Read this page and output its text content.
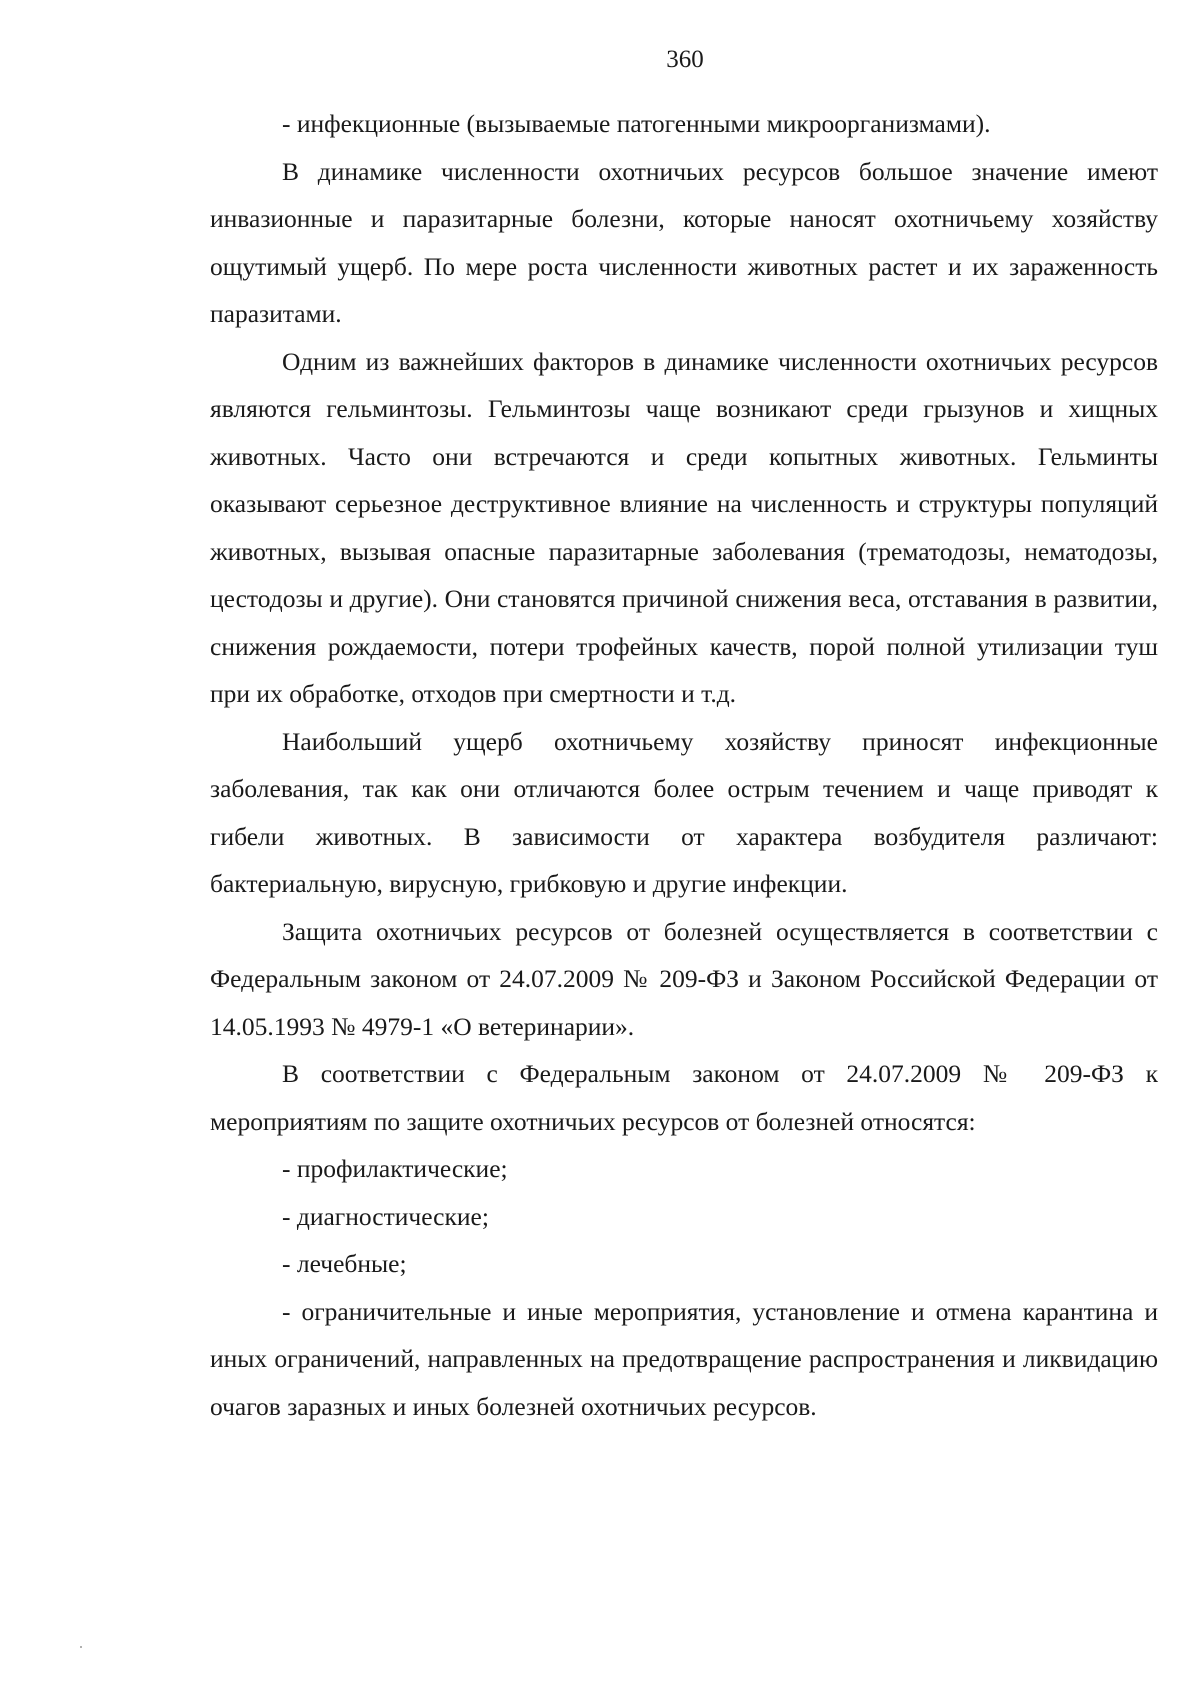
360

- инфекционные (вызываемые патогенными микроорганизмами).

В динамике численности охотничьих ресурсов большое значение имеют инвазионные и паразитарные болезни, которые наносят охотничьему хозяйству ощутимый ущерб. По мере роста численности животных растет и их зараженность паразитами.

Одним из важнейших факторов в динамике численности охотничьих ресурсов являются гельминтозы. Гельминтозы чаще возникают среди грызунов и хищных животных. Часто они встречаются и среди копытных животных. Гельминты оказывают серьезное деструктивное влияние на численность и структуры популяций животных, вызывая опасные паразитарные заболевания (трематодозы, нематодозы, цестодозы и другие). Они становятся причиной снижения веса, отставания в развитии, снижения рождаемости, потери трофейных качеств, порой полной утилизации туш при их обработке, отходов при смертности и т.д.

Наибольший ущерб охотничьему хозяйству приносят инфекционные заболевания, так как они отличаются более острым течением и чаще приводят к гибели животных. В зависимости от характера возбудителя различают: бактериальную, вирусную, грибковую и другие инфекции.

Защита охотничьих ресурсов от болезней осуществляется в соответствии с Федеральным законом от 24.07.2009 № 209-ФЗ и Законом Российской Федерации от 14.05.1993 № 4979-1 «О ветеринарии».

В соответствии с Федеральным законом от 24.07.2009 № 209-ФЗ к мероприятиям по защите охотничьих ресурсов от болезней относятся:

- профилактические;

- диагностические;

- лечебные;

- ограничительные и иные мероприятия, установление и отмена карантина и иных ограничений, направленных на предотвращение распространения и ликвидацию очагов заразных и иных болезней охотничьих ресурсов.
